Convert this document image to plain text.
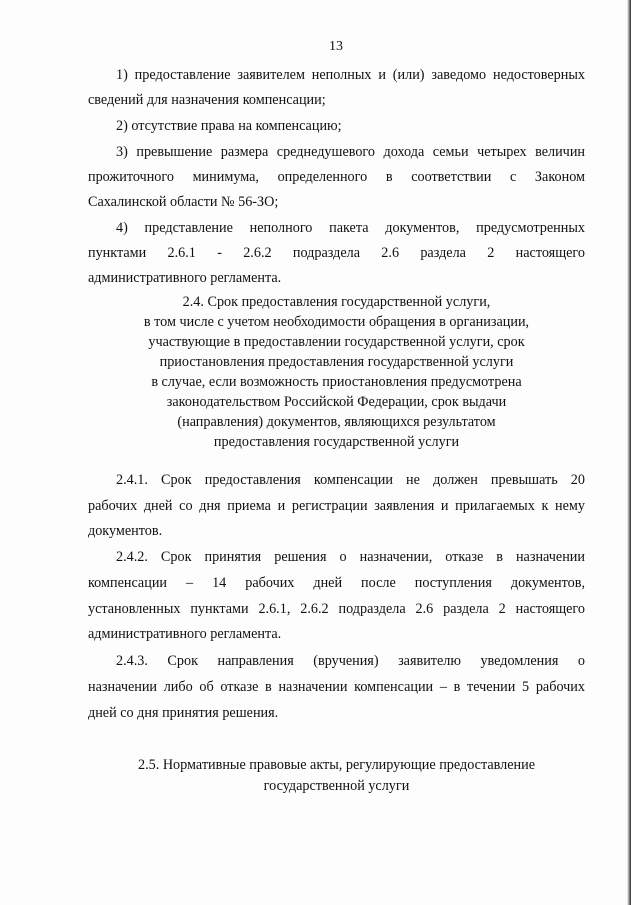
13
1) предоставление заявителем неполных и (или) заведомо недостоверных
сведений для назначения компенсации;
2) отсутствие права на компенсацию;
3) превышение размера среднедушевого дохода семьи четырех величин
прожиточного минимума, определенного в соответствии с Законом
Сахалинской области № 56-ЗО;
4) представление неполного пакета документов, предусмотренных
пунктами 2.6.1 - 2.6.2 подраздела 2.6 раздела 2 настоящего
административного регламента.
2.4. Срок предоставления государственной услуги,
в том числе с учетом необходимости обращения в организации,
участвующие в предоставлении государственной услуги, срок
приостановления предоставления государственной услуги
в случае, если возможность приостановления предусмотрена
законодательством Российской Федерации, срок выдачи
(направления) документов, являющихся результатом
предоставления государственной услуги
2.4.1. Срок предоставления компенсации не должен превышать 20
рабочих дней со дня приема и регистрации заявления и прилагаемых к нему
документов.
2.4.2. Срок принятия решения о назначении, отказе в назначении
компенсации – 14 рабочих дней после поступления документов,
установленных пунктами 2.6.1, 2.6.2 подраздела 2.6 раздела 2 настоящего
административного регламента.
2.4.3. Срок направления (вручения) заявителю уведомления о
назначении либо об отказе в назначении компенсации – в течении 5 рабочих
дней со дня принятия решения.
2.5. Нормативные правовые акты, регулирующие предоставление
государственной услуги
